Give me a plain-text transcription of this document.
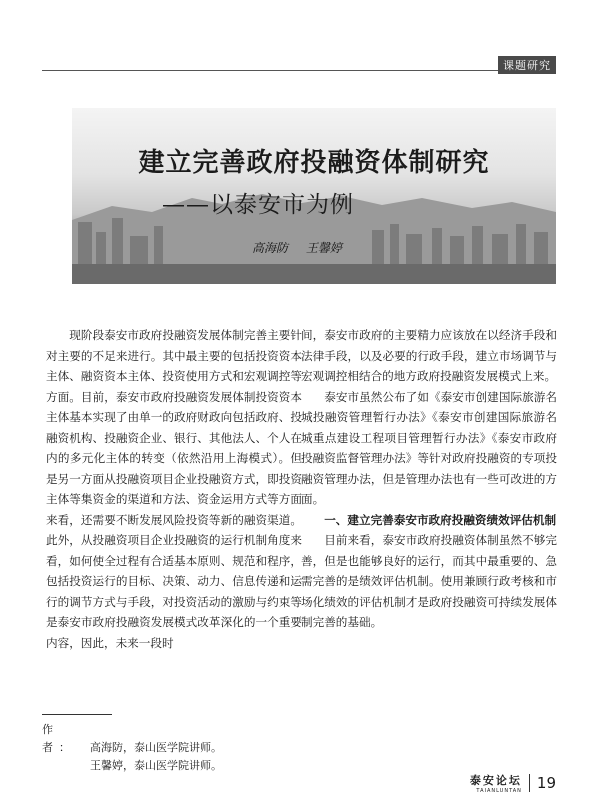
课题研究
建立完善政府投融资体制研究
——以泰安市为例
高海防 王馨婷

现阶段泰安市政府投融资发展体制完善主要针对主要的不足来进行。其中最主要的包括投资资本主体、融资资本主体、投资使用方式和宏观调控等方面。目前，泰安市政府投融资发展体制投资资本主体基本实现了由单一的政府财政向包括政府、投融资机构、投融资企业、银行、其他法人、个人在内的多元化主体的转变（依然沿用上海模式）。但是另一方面从投融资项目企业投融资方式，即投资主体等集资金的渠道和方法、资金运用方式等方面来看，还需要不断发展风险投资等新的融资渠道。此外，从投融资项目企业投融资的运行机制角度来看，如何使全过程有合适基本原则、规范和程序，包括投资运行的目标、决策、动力、信息传递和运行的调节方式与手段，对投资活动的激励与约束等是泰安市政府投融资发展模式改革深化的一个重要内容，因此，未来一段时

间，泰安市政府的主要精力应该放在以经济手段和法律手段，以及必要的行政手段，建立市场调节与宏观调控相结合的地方政府投融资发展模式上来。

泰安市虽然公布了如《泰安市创建国际旅游名城投融资管理暂行办法》《泰安市创建国际旅游名城重点建设工程项目管理暂行办法》《泰安市政府投融资监督管理办法》等针对政府投融资的专项投融资管理办法，但是管理办法也有一些可改进的方面。

一、建立完善泰安市政府投融资绩效评估机制

目前来看，泰安市政府投融资体制虽然不够完善，但是也能够良好的运行，而其中最重要的、急需完善的是绩效评估机制。使用兼顾行政考核和市场化绩效的评估机制才是政府投融资可持续发展体制完善的基础。

作　者： 高海防，泰山医学院讲师。
王馨婷，泰山医学院讲师。
泰安论坛
TAIANLUNTAN 19
